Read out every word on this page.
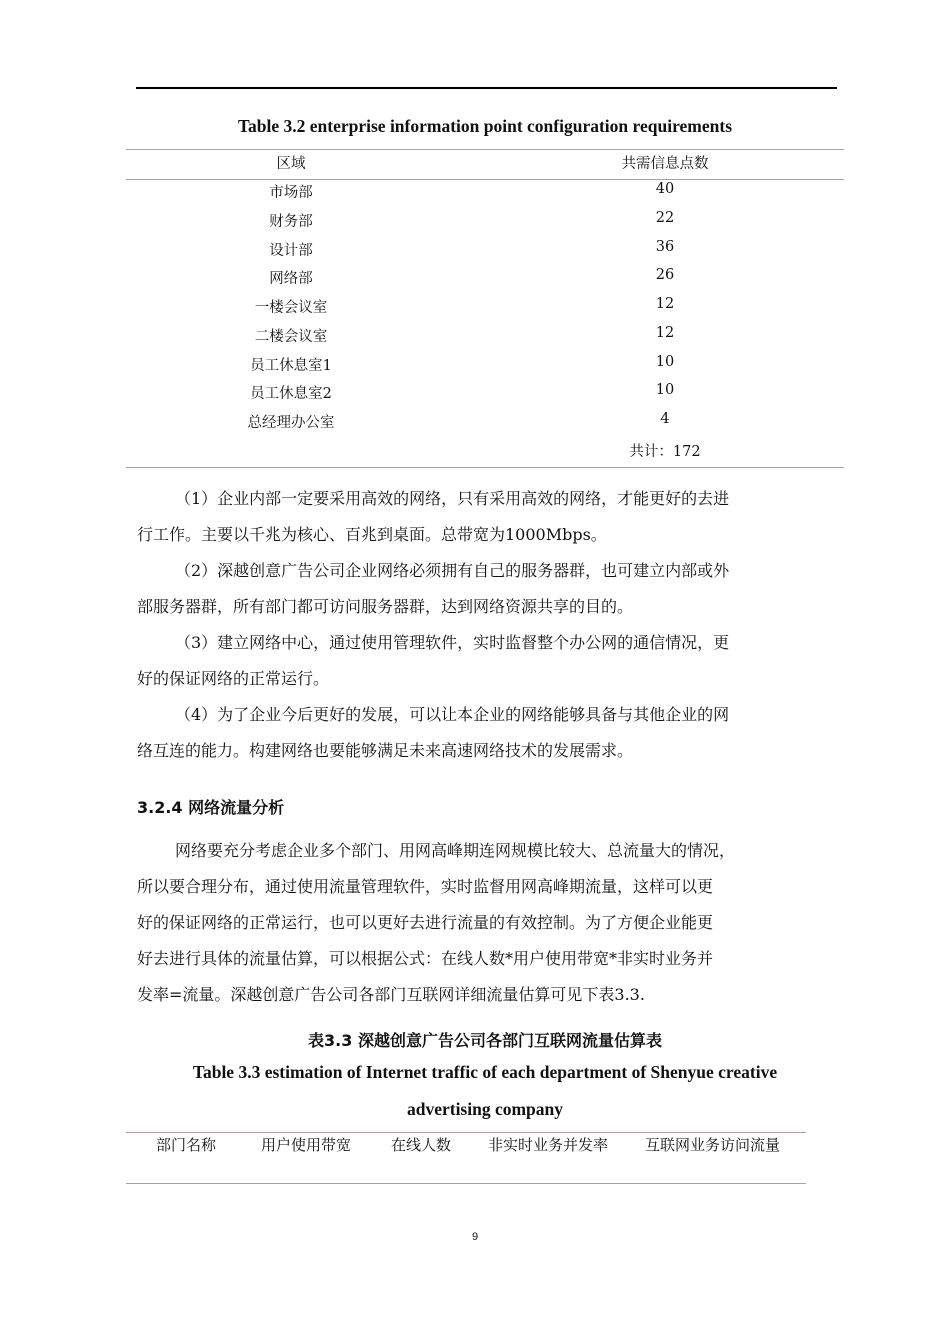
Table 3.2 enterprise information point configuration requirements
区域	共需信息点数
市场部	40
财务部	22
设计部	36
网络部	26
一楼会议室	12
二楼会议室	12
员工休息室1	10
员工休息室2	10
总经理办公室	4
共计：172
（1）企业内部一定要采用高效的网络，只有采用高效的网络，才能更好的去进
行工作。主要以千兆为核心、百兆到桌面。总带宽为1000Mbps。
（2）深越创意广告公司企业网络必须拥有自己的服务器群，也可建立内部或外
部服务器群，所有部门都可访问服务器群，达到网络资源共享的目的。
（3）建立网络中心，通过使用管理软件，实时监督整个办公网的通信情况，更
好的保证网络的正常运行。
（4）为了企业今后更好的发展，可以让本企业的网络能够具备与其他企业的网
络互连的能力。构建网络也要能够满足未来高速网络技术的发展需求。
3.2.4 网络流量分析
网络要充分考虑企业多个部门、用网高峰期连网规模比较大、总流量大的情况，
所以要合理分布，通过使用流量管理软件，实时监督用网高峰期流量，这样可以更
好的保证网络的正常运行，也可以更好去进行流量的有效控制。为了方便企业能更
好去进行具体的流量估算，可以根据公式：在线人数*用户使用带宽*非实时业务并
发率=流量。深越创意广告公司各部门互联网详细流量估算可见下表3.3.
表3.3 深越创意广告公司各部门互联网流量估算表
Table 3.3 estimation of Internet traffic of each department of Shenyue creative
advertising company
部门名称	用户使用带宽	在线人数 非实时业务并发率 互联网业务访问流量
9
